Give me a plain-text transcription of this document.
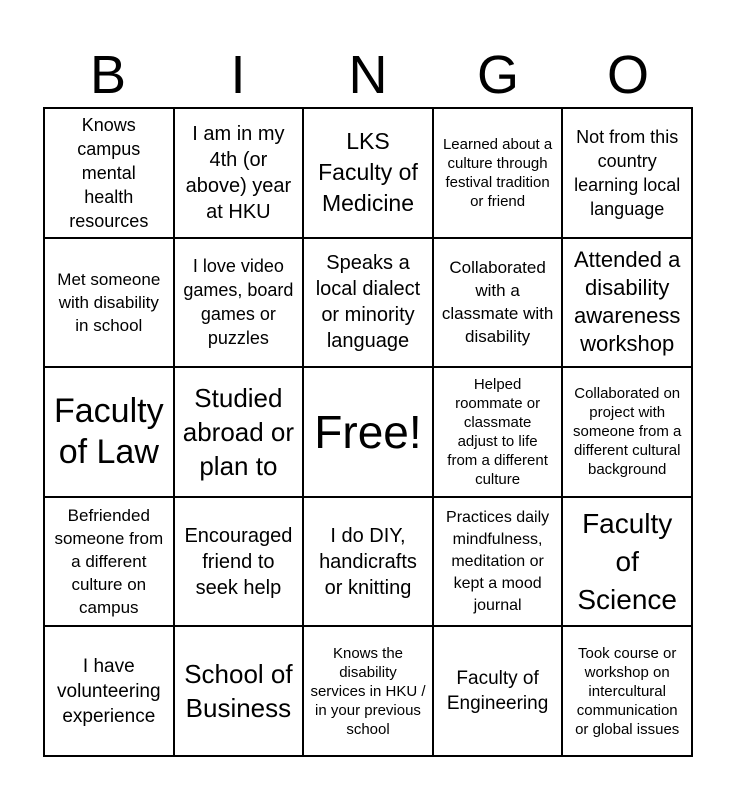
B	I	N	G	O
Knows campus mental health resources
I am in my 4th (or above) year at HKU
LKS Faculty of Medicine
Learned about a culture through festival tradition or friend
Not from this country learning local language
Met someone with disability in school
I love video games, board games or puzzles
Speaks a local dialect or minority language
Collaborated with a classmate with disability
Attended a disability awareness workshop
Faculty of Law
Studied abroad or plan to
Free!
Helped roommate or classmate adjust to life from a different culture
Collaborated on project with someone from a different cultural background
Befriended someone from a different culture on campus
Encouraged friend to seek help
I do DIY, handicrafts or knitting
Practices daily mindfulness, meditation or kept a mood journal
Faculty of Science
I have volunteering experience
School of Business
Knows the disability services in HKU / in your previous school
Faculty of Engineering
Took course or workshop on intercultural communication or global issues
